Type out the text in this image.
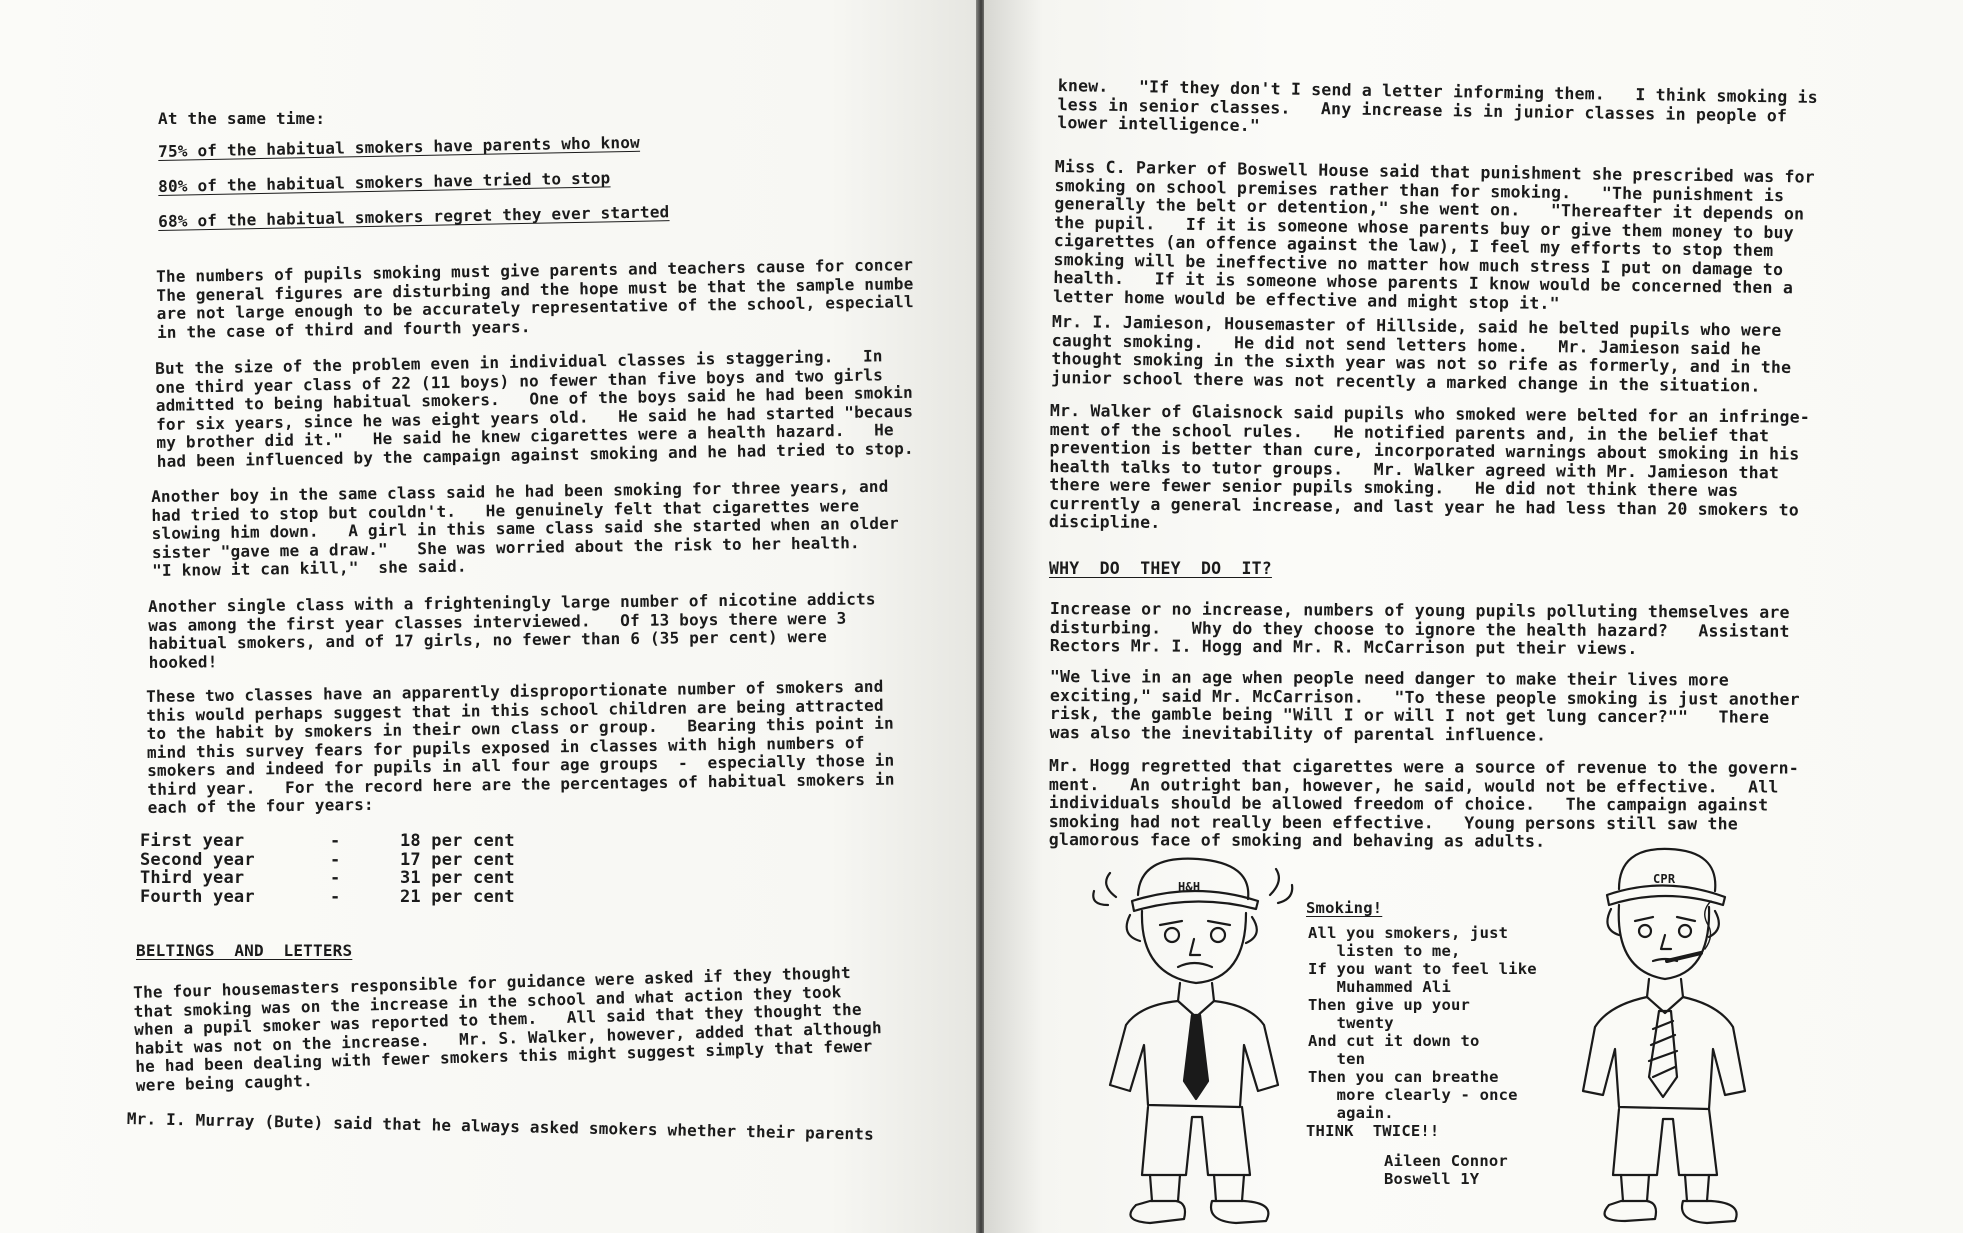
At the same time:
75% of the habitual smokers have parents who know
80% of the habitual smokers have tried to stop
68% of the habitual smokers regret they ever started
The numbers of pupils smoking must give parents and teachers cause for concer
The general figures are disturbing and the hope must be that the sample numbe
are not large enough to be accurately representative of the school, especiall
in the case of third and fourth years.
But the size of the problem even in individual classes is staggering.   In
one third year class of 22 (11 boys) no fewer than five boys and two girls
admitted to being habitual smokers.   One of the boys said he had been smokin
for six years, since he was eight years old.   He said he had started "becaus
my brother did it."   He said he knew cigarettes were a health hazard.   He
had been influenced by the campaign against smoking and he had tried to stop.
Another boy in the same class said he had been smoking for three years, and
had tried to stop but couldn't.   He genuinely felt that cigarettes were
slowing him down.   A girl in this same class said she started when an older
sister "gave me a draw."   She was worried about the risk to her health.
"I know it can kill,"  she said.
Another single class with a frighteningly large number of nicotine addicts
was among the first year classes interviewed.   Of 13 boys there were 3
habitual smokers, and of 17 girls, no fewer than 6 (35 per cent) were
hooked!
These two classes have an apparently disproportionate number of smokers and
this would perhaps suggest that in this school children are being attracted
to the habit by smokers in their own class or group.   Bearing this point in
mind this survey fears for pupils exposed in classes with high numbers of
smokers and indeed for pupils in all four age groups  -  especially those in
third year.   For the record here are the percentages of habitual smokers in
each of the four years:
First year	-	18 per cent
Second year	-	17 per cent
Third year	-	31 per cent
Fourth year	-	21 per cent
BELTINGS  AND  LETTERS
The four housemasters responsible for guidance were asked if they thought
that smoking was on the increase in the school and what action they took
when a pupil smoker was reported to them.   All said that they thought the
habit was not on the increase.   Mr. S. Walker, however, added that although
he had been dealing with fewer smokers this might suggest simply that fewer
were being caught.
Mr. I. Murray (Bute) said that he always asked smokers whether their parents
knew.   "If they don't I send a letter informing them.   I think smoking is
less in senior classes.   Any increase is in junior classes in people of
lower intelligence."
Miss C. Parker of Boswell House said that punishment she prescribed was for
smoking on school premises rather than for smoking.   "The punishment is
generally the belt or detention," she went on.   "Thereafter it depends on
the pupil.   If it is someone whose parents buy or give them money to buy
cigarettes (an offence against the law), I feel my efforts to stop them
smoking will be ineffective no matter how much stress I put on damage to
health.   If it is someone whose parents I know would be concerned then a
letter home would be effective and might stop it."
Mr. I. Jamieson, Housemaster of Hillside, said he belted pupils who were
caught smoking.   He did not send letters home.   Mr. Jamieson said he
thought smoking in the sixth year was not so rife as formerly, and in the
junior school there was not recently a marked change in the situation.
Mr. Walker of Glaisnock said pupils who smoked were belted for an infringe-
ment of the school rules.   He notified parents and, in the belief that
prevention is better than cure, incorporated warnings about smoking in his
health talks to tutor groups.   Mr. Walker agreed with Mr. Jamieson that
there were fewer senior pupils smoking.   He did not think there was
currently a general increase, and last year he had less than 20 smokers to
discipline.
WHY  DO  THEY  DO  IT?
Increase or no increase, numbers of young pupils polluting themselves are
disturbing.   Why do they choose to ignore the health hazard?   Assistant
Rectors Mr. I. Hogg and Mr. R. McCarrison put their views.
"We live in an age when people need danger to make their lives more
exciting," said Mr. McCarrison.   "To these people smoking is just another
risk, the gamble being "Will I or will I not get lung cancer?""   There
was also the inevitability of parental influence.
Mr. Hogg regretted that cigarettes were a source of revenue to the govern-
ment.   An outright ban, however, he said, would not be effective.   All
individuals should be allowed freedom of choice.   The campaign against
smoking had not really been effective.   Young persons still saw the
glamorous face of smoking and behaving as adults.
Smoking!
All you smokers, just
listen to me,
If you want to feel like
Muhammed Ali
Then give up your
twenty
And cut it down to
ten
Then you can breathe
more clearly - once
again.
THINK  TWICE!!
Aileen Connor
Boswell 1Y
H&H
CPR
